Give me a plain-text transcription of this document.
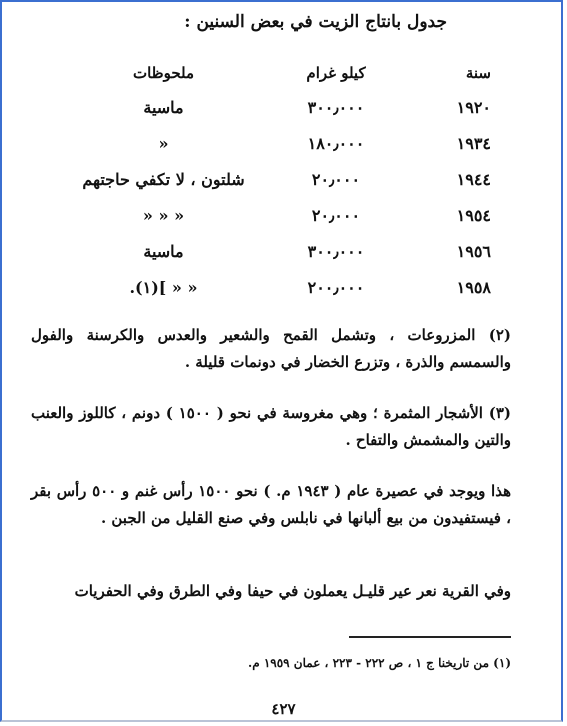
جدول بانتاج الزيت في بعض السنين :
سنة
كيلو غرام
ملحوظات
١٩٢٠
٣٠٠٫٠٠٠
ماسية
١٩٣٤
١٨٠٫٠٠٠
«
١٩٤٤
٢٠٫٠٠٠
شلتون ، لا تكفي حاجتهم
١٩٥٤
٢٠٫٠٠٠
« « «
١٩٥٦
٣٠٠٫٠٠٠
ماسية
١٩٥٨
٢٠٠٫٠٠٠
« « ](١).
(٢) المزروعات ، وتشمل القمح والشعير والعدس والكرسنة والفول والسمسم والذرة ، وتزرع الخضار في دونمات قليلة .
(٣) الأشجار المثمرة ؛ وهي مغروسة في نحو ( ١٥٠٠ ) دونم ، كاللوز والعنب والتين والمشمش والتفاح .
هذا ويوجد في عصيرة عام ( ١٩٤٣ م. ) نحو ١٥٠٠ رأس غنم و ٥٠٠ رأس بقر ، فيستفيدون من بيع ألبانها في نابلس وفي صنع القليل من الجبن .
وفي القرية نعر عير قليـل يعملون في حيفا وفي الطرق وفي الحفريات
(١) من تاريخنا ج ١ ، ص ٢٢٢ - ٢٢٣ ، عمان ١٩٥٩ م.
٤٢٧
